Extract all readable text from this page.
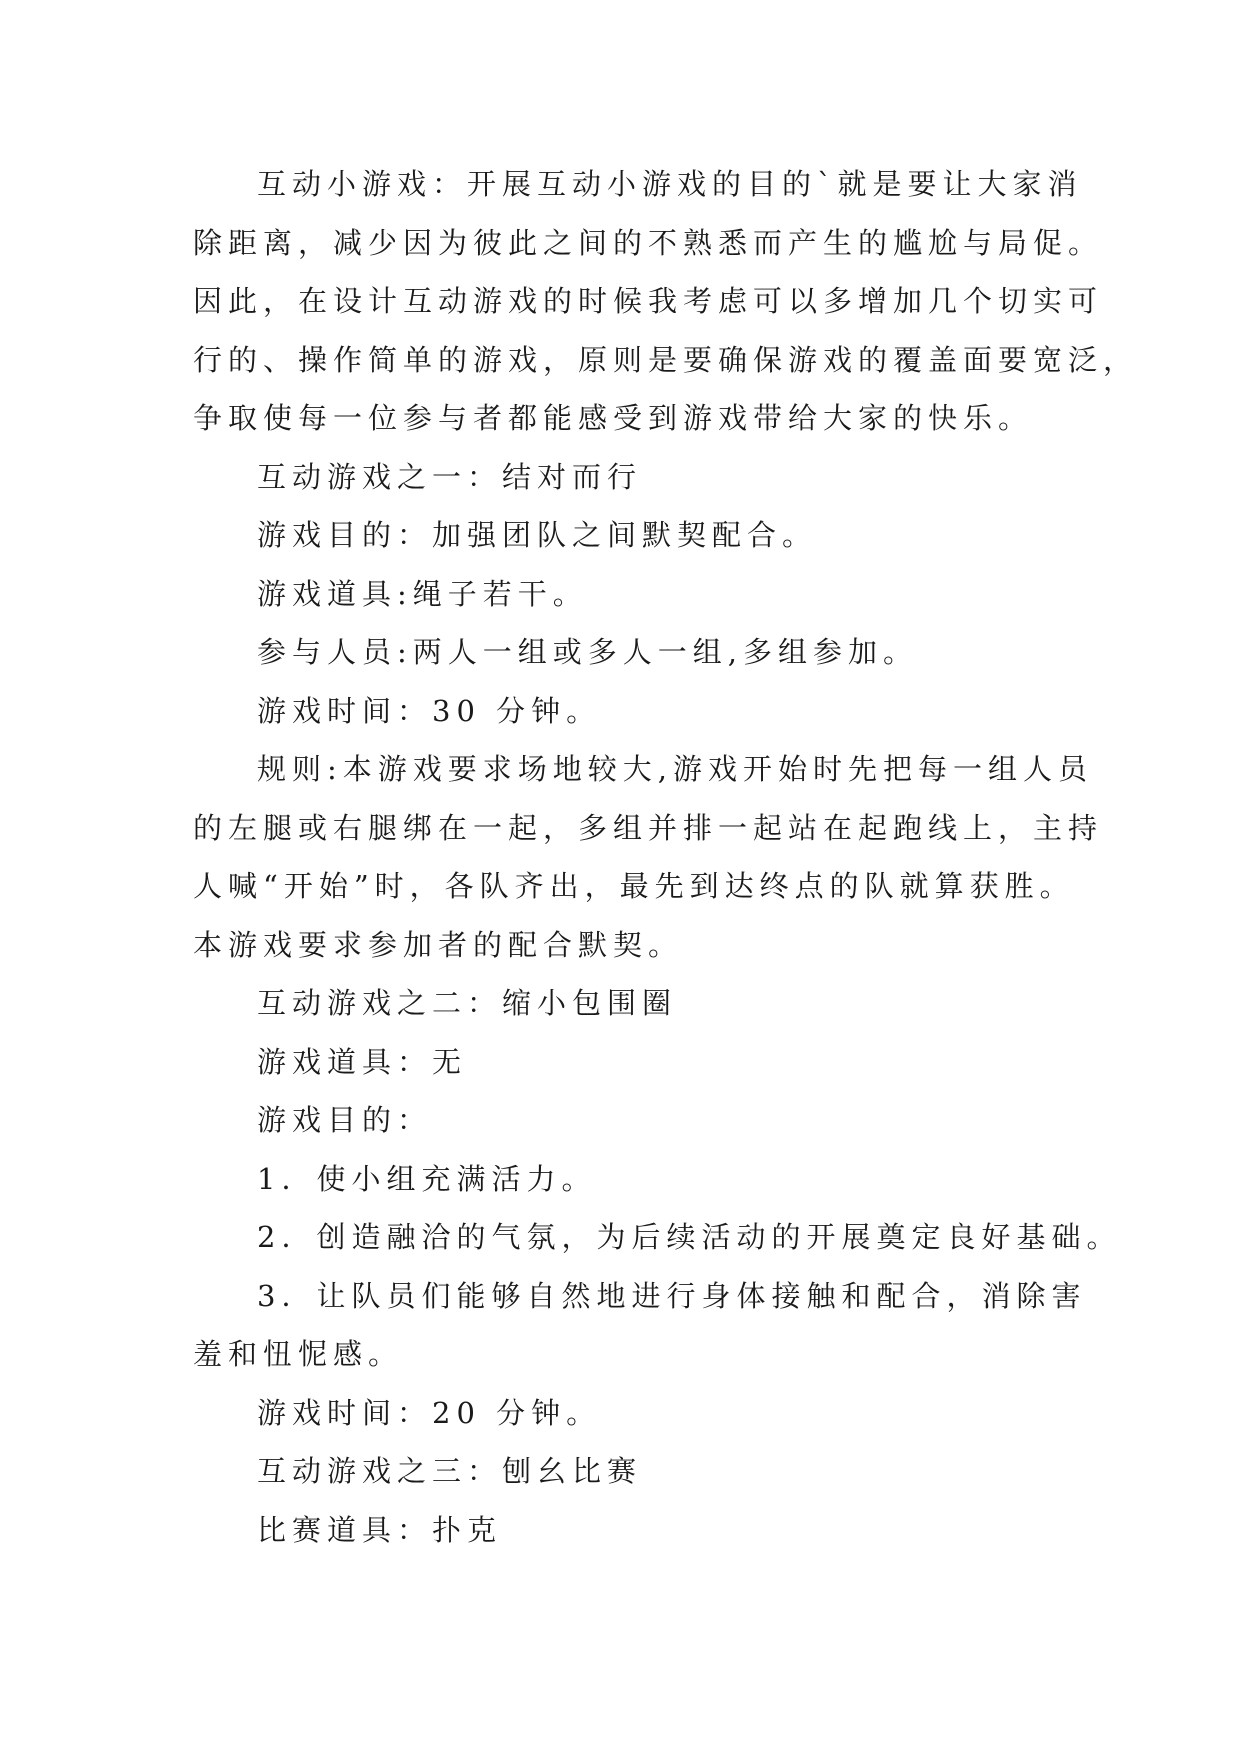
互动小游戏：开展互动小游戏的目的`就是要让大家消
除距离，减少因为彼此之间的不熟悉而产生的尴尬与局促。
因此，在设计互动游戏的时候我考虑可以多增加几个切实可
行的、操作简单的游戏，原则是要确保游戏的覆盖面要宽泛，
争取使每一位参与者都能感受到游戏带给大家的快乐。
互动游戏之一：结对而行
游戏目的：加强团队之间默契配合。
游戏道具:绳子若干。
参与人员:两人一组或多人一组,多组参加。
游戏时间：30 分钟。
规则:本游戏要求场地较大,游戏开始时先把每一组人员
的左腿或右腿绑在一起，多组并排一起站在起跑线上，主持
人喊“开始”时，各队齐出，最先到达终点的队就算获胜。
本游戏要求参加者的配合默契。
互动游戏之二：缩小包围圈
游戏道具：无
游戏目的：
1．使小组充满活力。
2．创造融洽的气氛，为后续活动的开展奠定良好基础。
3．让队员们能够自然地进行身体接触和配合，消除害
羞和忸怩感。
游戏时间：20 分钟。
互动游戏之三：刨幺比赛
比赛道具：扑克
